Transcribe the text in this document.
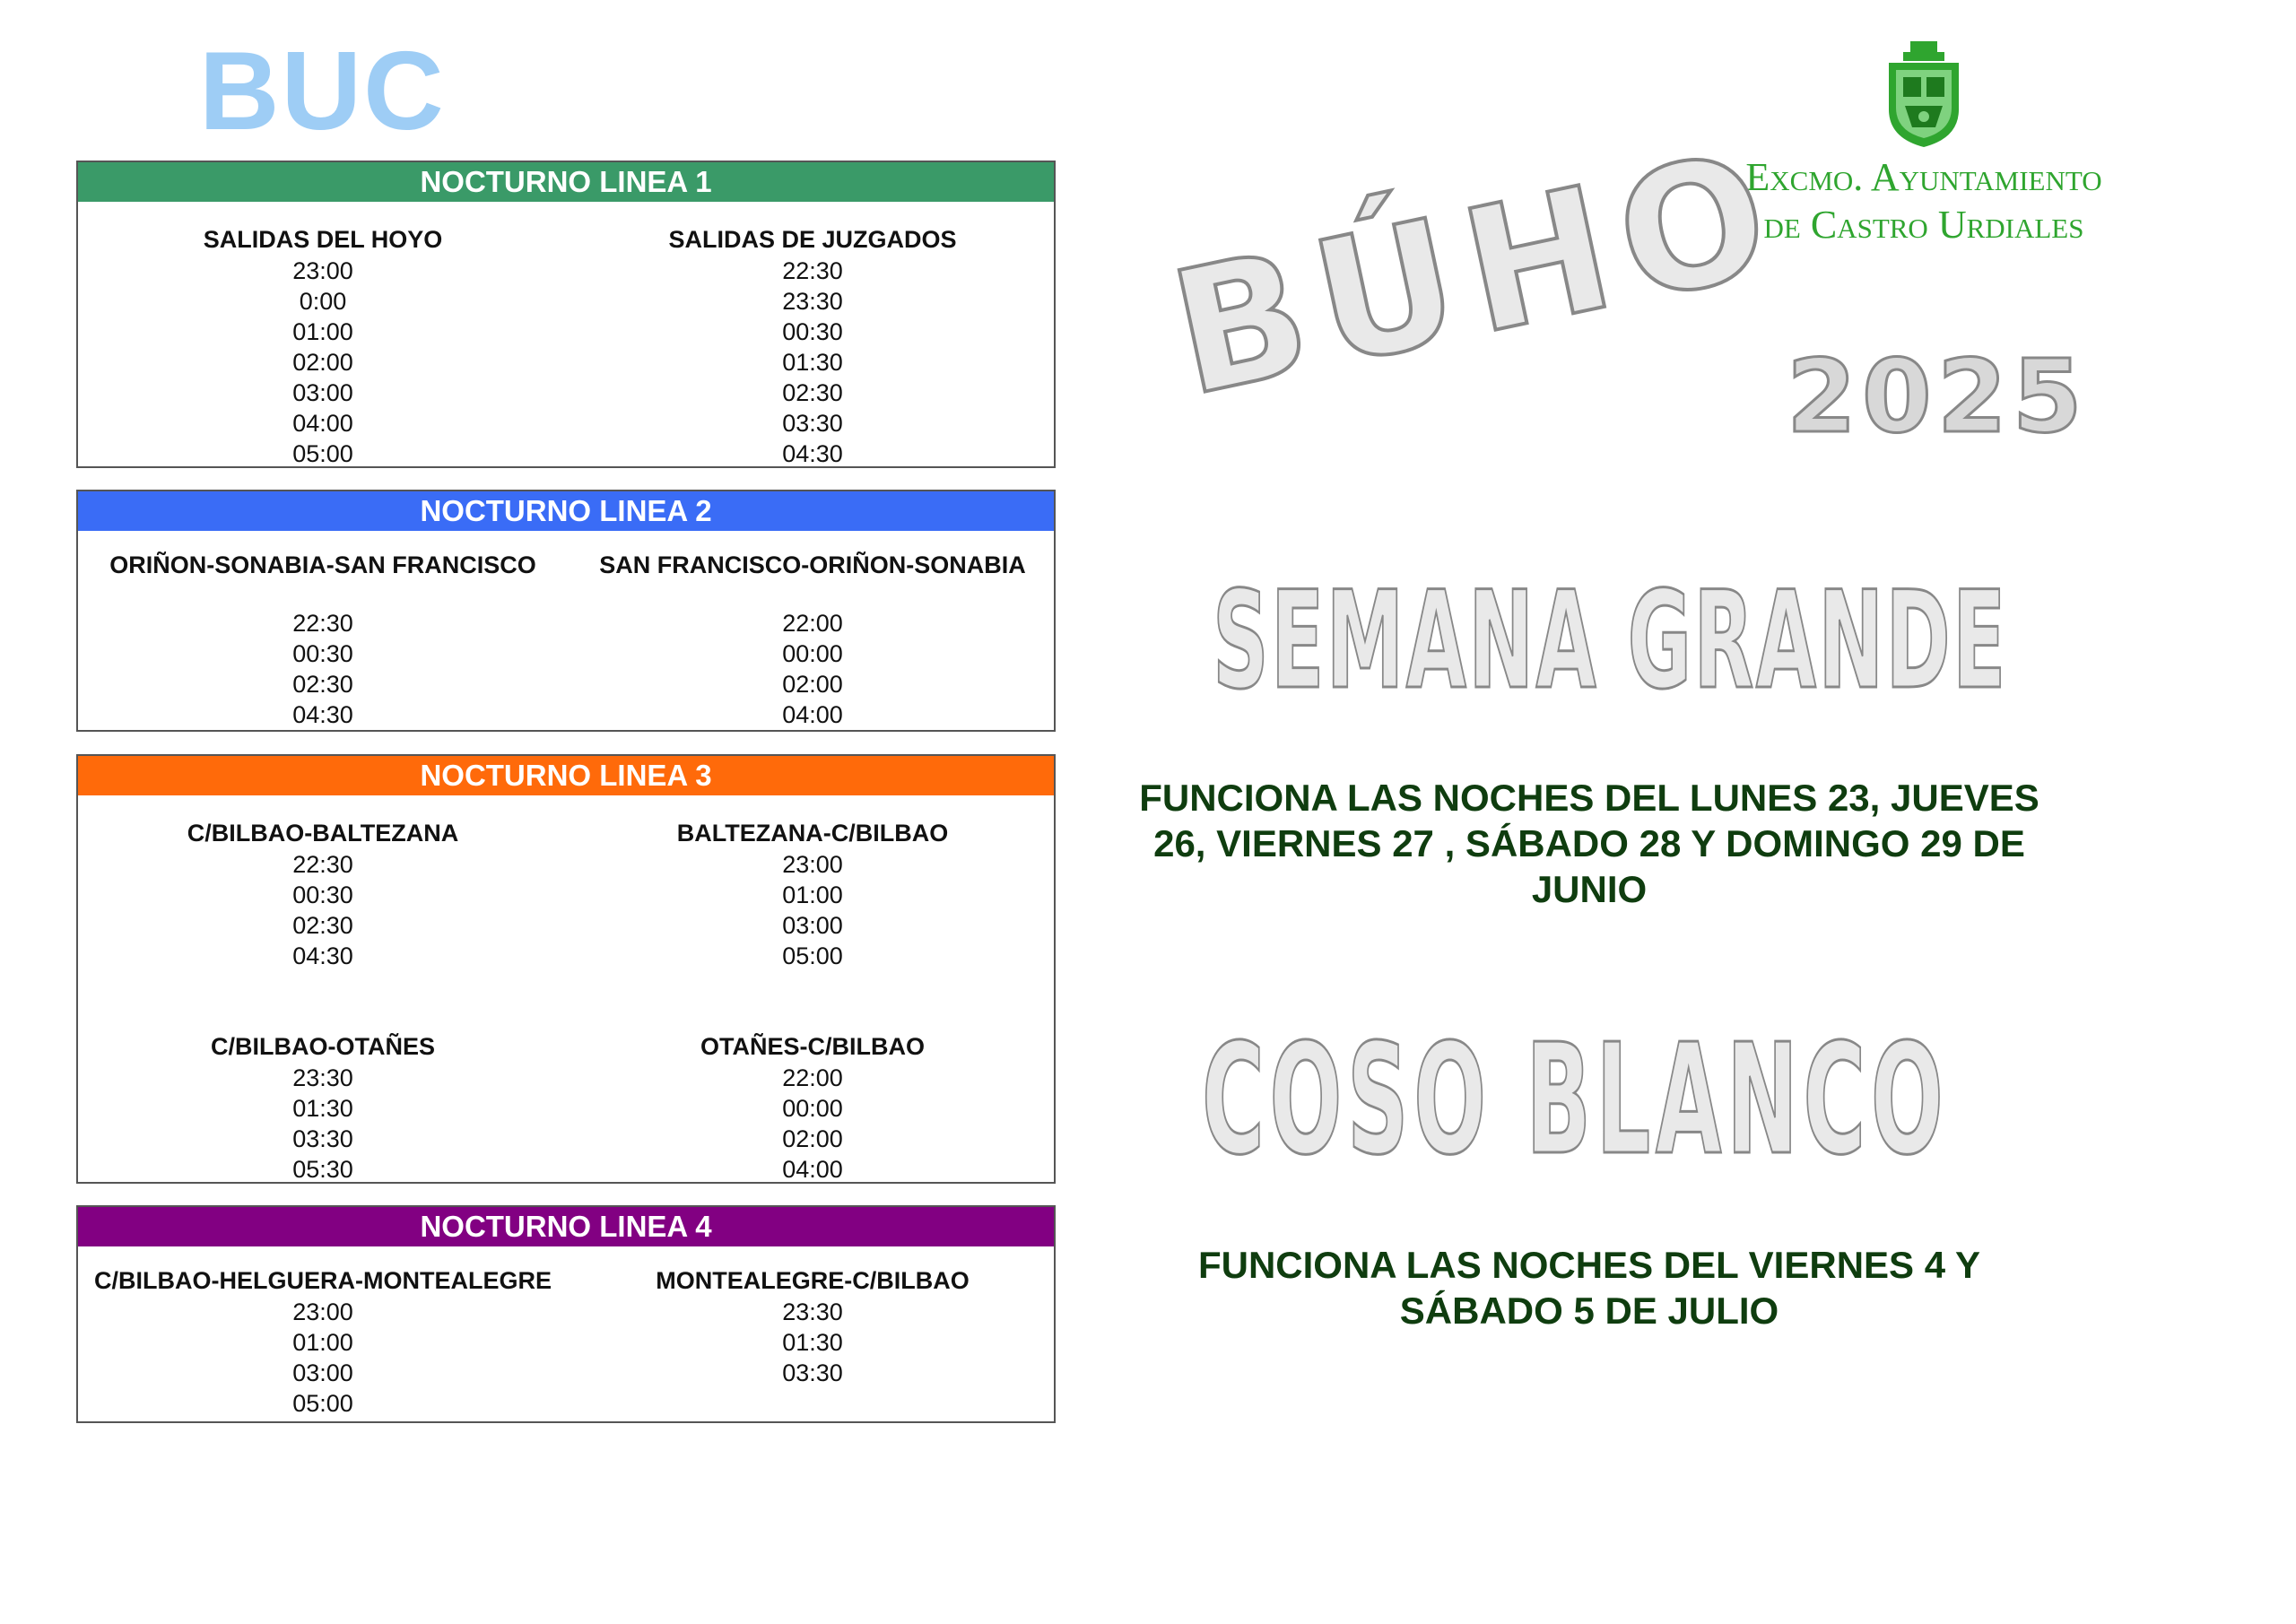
BUC
NOCTURNO LINEA 1
SALIDAS DEL HOYO
23:00
0:00
01:00
02:00
03:00
04:00
05:00
SALIDAS DE JUZGADOS
22:30
23:30
00:30
01:30
02:30
03:30
04:30
NOCTURNO LINEA 2
ORIÑON-SONABIA-SAN FRANCISCO	SAN FRANCISCO-ORIÑON-SONABIA
22:30
00:30
02:30
04:30
22:00
00:00
02:00
04:00
NOCTURNO LINEA 3
C/BILBAO-BALTEZANA
22:30
00:30
02:30
04:30
BALTEZANA-C/BILBAO
23:00
01:00
03:00
05:00
C/BILBAO-OTAÑES
23:30
01:30
03:30
05:30
OTAÑES-C/BILBAO
22:00
00:00
02:00
04:00
NOCTURNO LINEA 4
C/BILBAO-HELGUERA-MONTEALEGRE
23:00
01:00
03:00
05:00
MONTEALEGRE-C/BILBAO
23:30
01:30
03:30
Excmo. Ayuntamiento
de Castro Urdiales
BÚHO
2025
SEMANA GRANDE
COSO BLANCO
FUNCIONA LAS NOCHES DEL LUNES 23, JUEVES
26, VIERNES 27 , SÁBADO 28 Y DOMINGO 29 DE
JUNIO
FUNCIONA LAS NOCHES DEL VIERNES 4 Y
SÁBADO 5 DE JULIO
